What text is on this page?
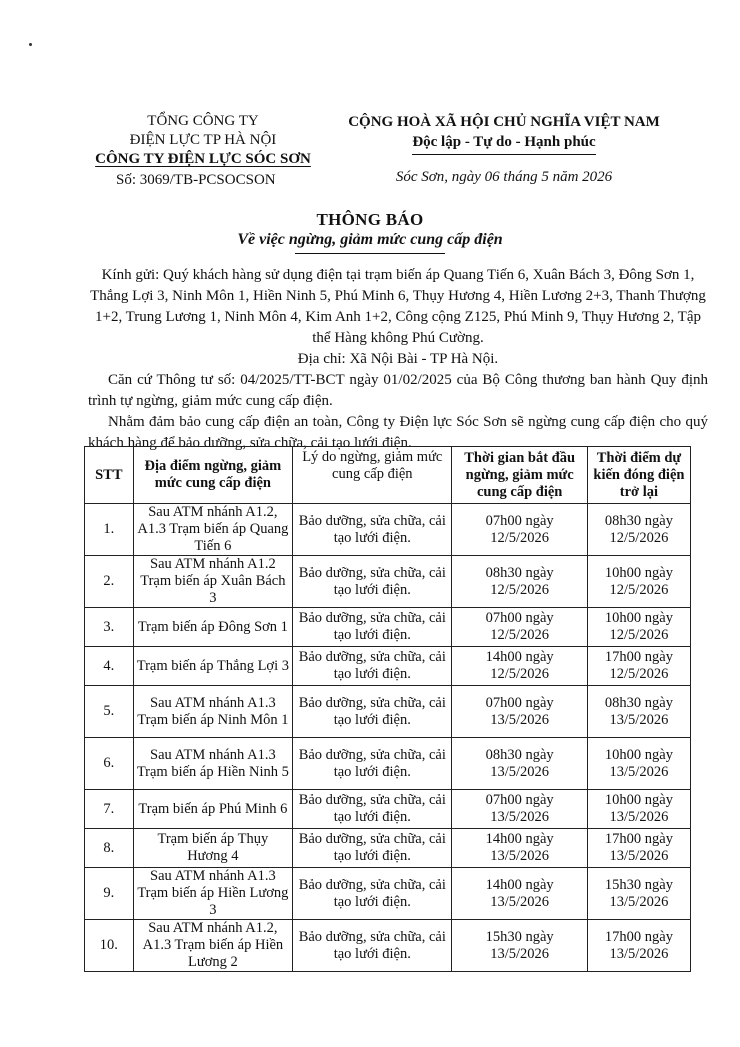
TỔNG CÔNG TY
ĐIỆN LỰC TP HÀ NỘI
CÔNG TY ĐIỆN LỰC SÓC SƠN
Số: 3069/TB-PCSOCSON
CỘNG HOÀ XÃ HỘI CHỦ NGHĨA VIỆT NAM
Độc lập - Tự do - Hạnh phúc
Sóc Sơn, ngày 06 tháng 5 năm 2026
THÔNG BÁO
Về việc ngừng, giảm mức cung cấp điện

Kính gửi: Quý khách hàng sử dụng điện tại trạm biến áp Quang Tiến 6, Xuân Bách 3, Đông Sơn 1, Thắng Lợi 3, Ninh Môn 1, Hiền Ninh 5, Phú Minh 6, Thụy Hương 4, Hiền Lương 2+3, Thanh Thượng 1+2, Trung Lương 1, Ninh Môn 4, Kim Anh 1+2, Công cộng Z125, Phú Minh 9, Thụy Hương 2, Tập thể Hàng không Phú Cường.

Địa chỉ: Xã Nội Bài - TP Hà Nội.

Căn cứ Thông tư số: 04/2025/TT-BCT ngày 01/02/2025 của Bộ Công thương ban hành Quy định trình tự ngừng, giảm mức cung cấp điện.

Nhằm đảm bảo cung cấp điện an toàn, Công ty Điện lực Sóc Sơn sẽ ngừng cung cấp điện cho quý khách hàng để bảo dưỡng, sửa chữa, cải tạo lưới điện.

STT	Địa điểm ngừng, giảm mức cung cấp điện	Lý do ngừng, giảm mức cung cấp điện	Thời gian bắt đầu ngừng, giảm mức cung cấp điện	Thời điểm dự kiến đóng điện trở lại
1.	Sau ATM nhánh A1.2, A1.3 Trạm biến áp Quang Tiến 6	Bảo dưỡng, sửa chữa, cải tạo lưới điện.	07h00 ngày 12/5/2026	08h30 ngày 12/5/2026
2.	Sau ATM nhánh A1.2 Trạm biến áp Xuân Bách 3	Bảo dưỡng, sửa chữa, cải tạo lưới điện.	08h30 ngày 12/5/2026	10h00 ngày 12/5/2026
3.	Trạm biến áp Đông Sơn 1	Bảo dưỡng, sửa chữa, cải tạo lưới điện.	07h00 ngày 12/5/2026	10h00 ngày 12/5/2026
4.	Trạm biến áp Thắng Lợi 3	Bảo dưỡng, sửa chữa, cải tạo lưới điện.	14h00 ngày 12/5/2026	17h00 ngày 12/5/2026
5.	Sau ATM nhánh A1.3 Trạm biến áp Ninh Môn 1	Bảo dưỡng, sửa chữa, cải tạo lưới điện.	07h00 ngày 13/5/2026	08h30 ngày 13/5/2026
6.	Sau ATM nhánh A1.3 Trạm biến áp Hiền Ninh 5	Bảo dưỡng, sửa chữa, cải tạo lưới điện.	08h30 ngày 13/5/2026	10h00 ngày 13/5/2026
7.	Trạm biến áp Phú Minh 6	Bảo dưỡng, sửa chữa, cải tạo lưới điện.	07h00 ngày 13/5/2026	10h00 ngày 13/5/2026
8.	Trạm biến áp Thụy Hương 4	Bảo dưỡng, sửa chữa, cải tạo lưới điện.	14h00 ngày 13/5/2026	17h00 ngày 13/5/2026
9.	Sau ATM nhánh A1.3 Trạm biến áp Hiền Lương 3	Bảo dưỡng, sửa chữa, cải tạo lưới điện.	14h00 ngày 13/5/2026	15h30 ngày 13/5/2026
10.	Sau ATM nhánh A1.2, A1.3 Trạm biến áp Hiền Lương 2	Bảo dưỡng, sửa chữa, cải tạo lưới điện.	15h30 ngày 13/5/2026	17h00 ngày 13/5/2026
